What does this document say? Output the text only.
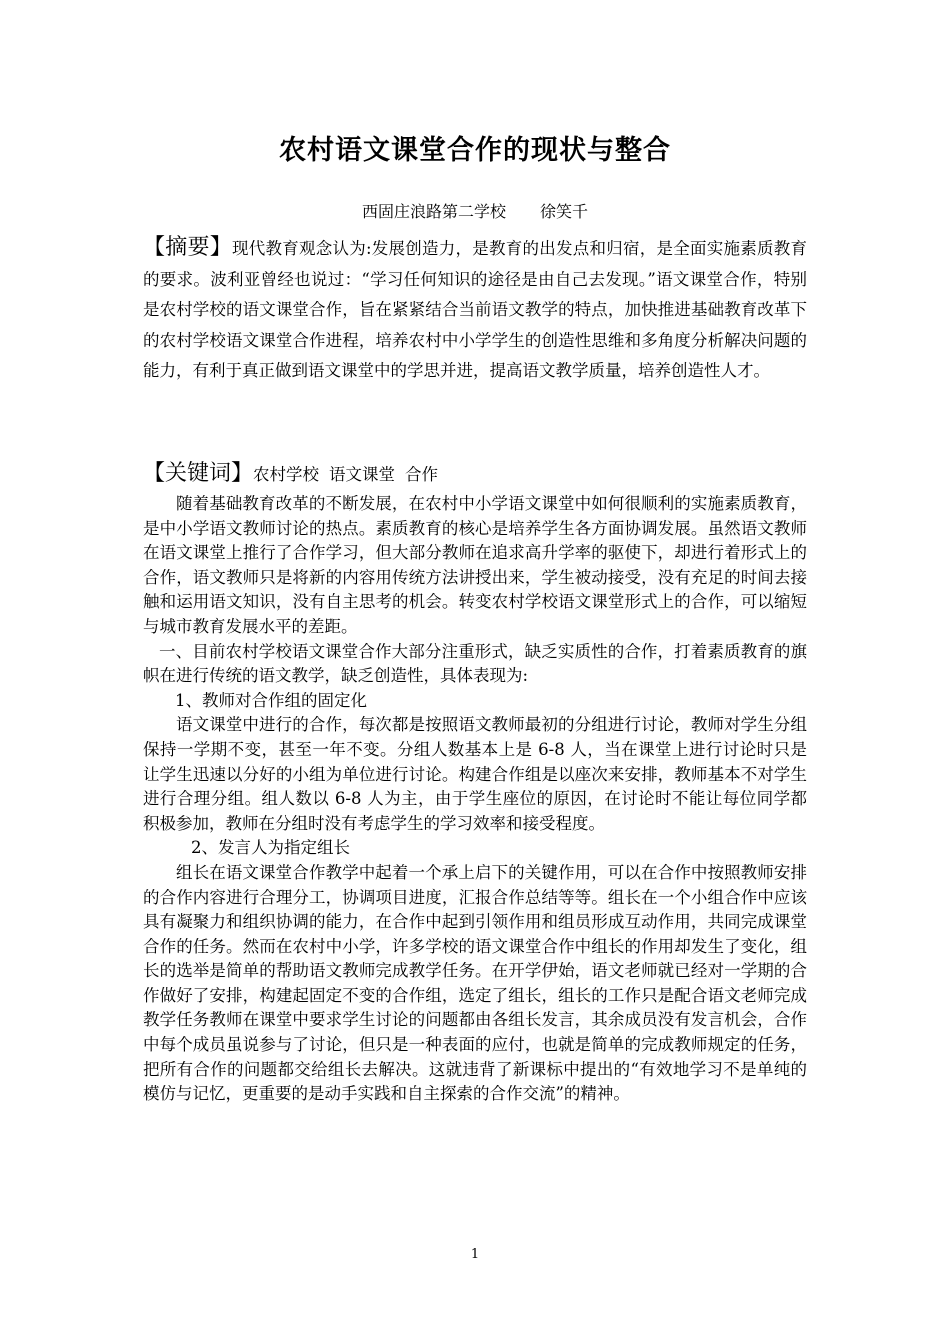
农村语文课堂合作的现状与整合
西固庄浪路第二学校 徐笑千
【摘要】现代教育观念认为:发展创造力，是教育的出发点和归宿，是全面实施素质教育的要求。波利亚曾经也说过：“学习任何知识的途径是由自己去发现。”语文课堂合作，特别是农村学校的语文课堂合作，旨在紧紧结合当前语文教学的特点，加快推进基础教育改革下的农村学校语文课堂合作进程，培养农村中小学学生的创造性思维和多角度分析解决问题的能力，有利于真正做到语文课堂中的学思并进，提高语文教学质量，培养创造性人才。
【关键词】农村学校 语文课堂 合作

随着基础教育改革的不断发展，在农村中小学语文课堂中如何很顺利的实施素质教育，是中小学语文教师讨论的热点。素质教育的核心是培养学生各方面协调发展。虽然语文教师在语文课堂上推行了合作学习，但大部分教师在追求高升学率的驱使下，却进行着形式上的合作，语文教师只是将新的内容用传统方法讲授出来，学生被动接受，没有充足的时间去接触和运用语文知识，没有自主思考的机会。转变农村学校语文课堂形式上的合作，可以缩短与城市教育发展水平的差距。

一、目前农村学校语文课堂合作大部分注重形式，缺乏实质性的合作，打着素质教育的旗帜在进行传统的语文教学，缺乏创造性，具体表现为:

1、教师对合作组的固定化

语文课堂中进行的合作，每次都是按照语文教师最初的分组进行讨论，教师对学生分组保持一学期不变，甚至一年不变。分组人数基本上是 6-8 人，当在课堂上进行讨论时只是让学生迅速以分好的小组为单位进行讨论。构建合作组是以座次来安排，教师基本不对学生进行合理分组。组人数以 6-8 人为主，由于学生座位的原因，在讨论时不能让每位同学都积极参加，教师在分组时没有考虑学生的学习效率和接受程度。

2、发言人为指定组长

组长在语文课堂合作教学中起着一个承上启下的关键作用，可以在合作中按照教师安排的合作内容进行合理分工，协调项目进度，汇报合作总结等等。组长在一个小组合作中应该具有凝聚力和组织协调的能力，在合作中起到引领作用和组员形成互动作用，共同完成课堂合作的任务。然而在农村中小学，许多学校的语文课堂合作中组长的作用却发生了变化，组长的选举是简单的帮助语文教师完成教学任务。在开学伊始，语文老师就已经对一学期的合作做好了安排，构建起固定不变的合作组，选定了组长，组长的工作只是配合语文老师完成教学任务教师在课堂中要求学生讨论的问题都由各组长发言，其余成员没有发言机会，合作中每个成员虽说参与了讨论，但只是一种表面的应付，也就是简单的完成教师规定的任务，把所有合作的问题都交给组长去解决。这就违背了新课标中提出的“有效地学习不是单纯的模仿与记忆，更重要的是动手实践和自主探索的合作交流”的精神。

1
